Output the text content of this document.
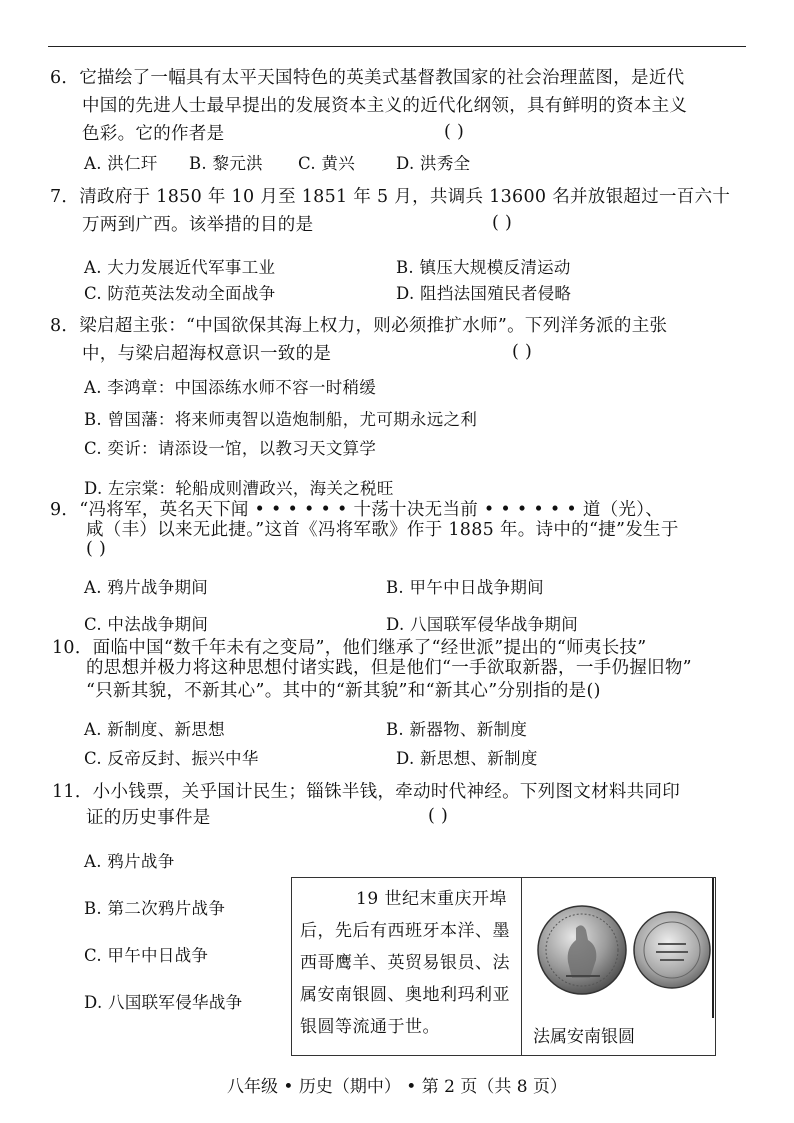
6．它描绘了一幅具有太平天国特色的英美式基督教国家的社会治理蓝图，是近代
中国的先进人士最早提出的发展资本主义的近代化纲领，具有鲜明的资本主义
色彩。它的作者是	( )
A. 洪仁玕 B. 黎元洪 C. 黄兴 D. 洪秀全
7．清政府于 1850 年 10 月至 1851 年 5 月，共调兵 13600 名并放银超过一百六十
万两到广西。该举措的目的是	( )
A. 大力发展近代军事工业	B. 镇压大规模反清运动
C. 防范英法发动全面战争	D. 阻挡法国殖民者侵略
8．梁启超主张：“中国欲保其海上权力，则必须推扩水师”。下列洋务派的主张
中，与梁启超海权意识一致的是	( )
A. 李鸿章：中国添练水师不容一时稍缓
B. 曾国藩：将来师夷智以造炮制船，尤可期永远之利
C. 奕䜣：请添设一馆，以教习天文算学
D. 左宗棠：轮船成则漕政兴，海关之税旺
9．“冯将军，英名天下闻 • • • • • • 十荡十决无当前 • • • • • • 道（光）、
咸（丰）以来无此捷。”这首《冯将军歌》作于 1885 年。诗中的“捷”发生于
( )
A. 鸦片战争期间	B. 甲午中日战争期间
C. 中法战争期间	D. 八国联军侵华战争期间
10．面临中国“数千年未有之变局”，他们继承了“经世派”提出的“师夷长技”
的思想并极力将这种思想付诸实践，但是他们“一手欲取新器，一手仍握旧物”
“只新其貌，不新其心”。其中的“新其貌”和“新其心”分别指的是()
A. 新制度、新思想	B. 新器物、新制度
C. 反帝反封、振兴中华	D. 新思想、新制度
11．小小钱票，关乎国计民生；锱铢半钱，牵动时代神经。下列图文材料共同印
证的历史事件是	( )
A. 鸦片战争
B. 第二次鸦片战争
C. 甲午中日战争
D. 八国联军侵华战争
19 世纪末重庆开埠
后，先后有西班牙本洋、墨
西哥鹰羊、英贸易银员、法
属安南银圆、奥地利玛利亚
银圆等流通于世。	法属安南银圆
八年级 • 历史（期中） • 第 2 页（共 8 页）
